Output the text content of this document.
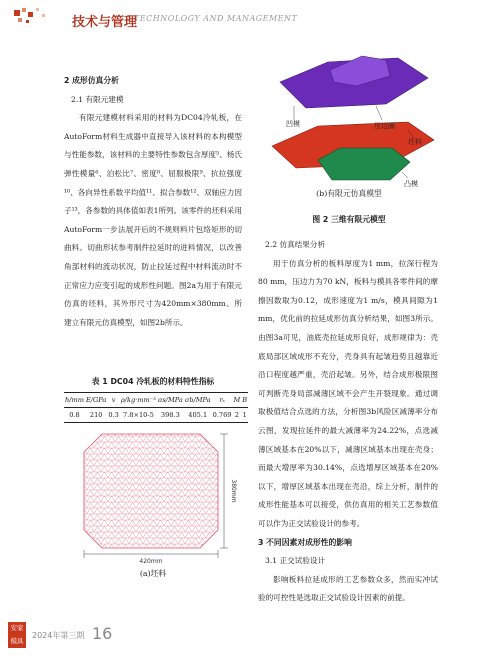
技术与管理
TECHNOLOGY AND MANAGEMENT
2 成形仿真分析
2.1 有限元建模
有限元建模材料采用的材料为DC04冷轧板，在AutoForm材料生成器中直接导入该材料的本构模型与性能参数，该材料的主要特性参数包含厚度⁵、杨氏弹性模量⁶、泊松比⁷、密度⁸、屈服极限⁹、抗拉强度¹⁰、各向异性系数平均值¹¹、拟合参数¹²、双轴应力因子¹³，各参数的具体值如表1所列。该零件的坯料采用AutoForm一步法展开后的不规则料片包络矩形的切曲料。切曲形状参考制件拉延时的进料情况，以改善角部材料的流动状况，防止拉延过程中材料流动时不正常应力应变引起的成形性问题。图2a为用于有限元仿真的坯料，其外形尺寸为420mm×380mm。所建立有限元仿真模型，如图2b所示。
表 1 DC04 冷轧板的材料特性指标
h/mm	E/GPa	v	ρ/kg·mm⁻³	σs/MPa	σb/MPa	rₛ	M	B
0.8	210	0.3	7.8×10-5	398.3	405.1	0.769	2	1
420mm
380mm
(a)坯料
凹模	压边圈
坯料
凸模
(b)有限元仿真模型
图 2 三维有限元模型
2.2 仿真结果分析
用于仿真分析的板料厚度为1 mm，拉深行程为80 mm，压边力为70 kN，板料与模具各零件间的摩擦因数取为0.12，成形速度为1 m/s，模具间隙为1 mm，优化前的拉延成形仿真分析结果，如图3所示。由图3a可见，油底壳拉延成形良好，成形规律为：壳底局部区域成形不充分，壳身具有起皱趋势且越靠近沿口程度越严重，壳沿起皱。另外，结合成形极限图可判断壳身局部减薄区域不会产生开裂现象。通过调取极值结合点选的方法，分析图3b风险区减薄率分布云图，发现拉延件的最大减薄率为24.22%，点选减薄区域基本在20%以下，减薄区域基本出现在壳身；而最大增厚率为30.14%，点选增厚区域基本在20%以下，增厚区域基本出现在壳沿，综上分析，制件的成形性能基本可以接受，供仿真用的相关工艺参数值可以作为正交试验设计的参考。
3 不同因素对成形性的影响
3.1 正交试验设计
影响板料拉延成形的工艺参数众多，然而实冲试验的可控性是选取正交试验设计因素的前提。
安家模具
2024年第三期 16
